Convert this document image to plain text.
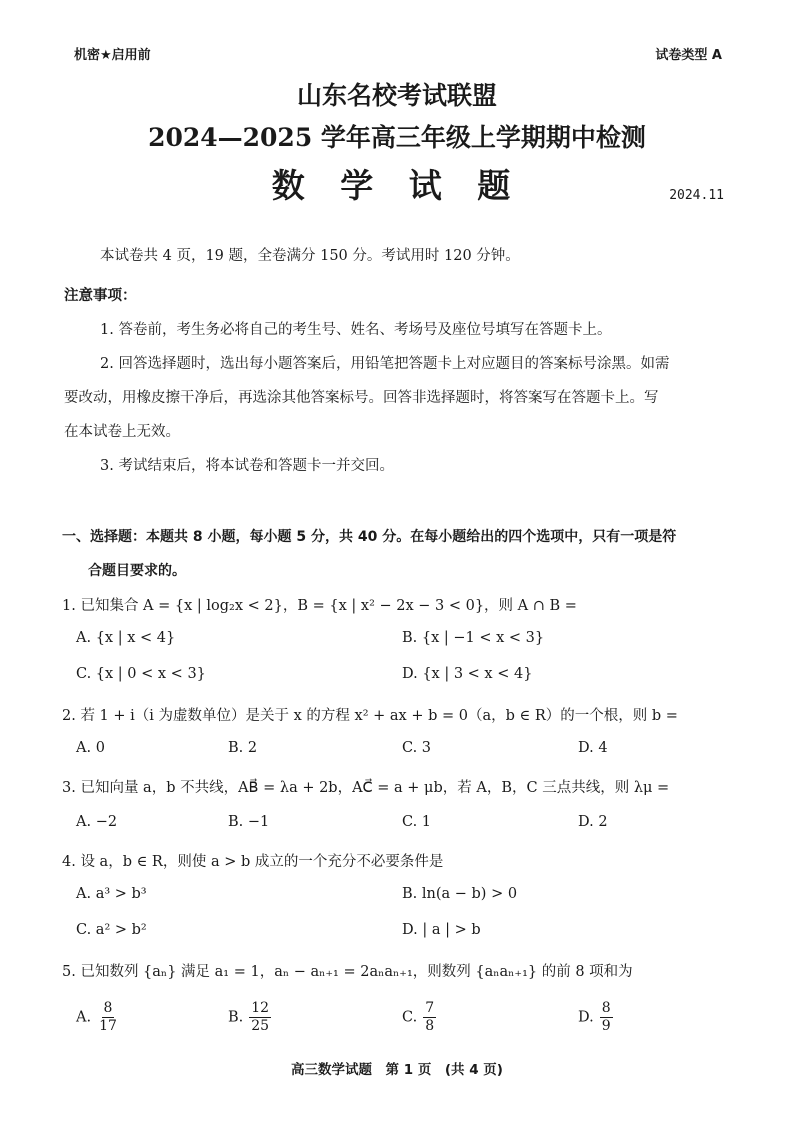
机密★启用前	试卷类型 A
山东名校考试联盟
2024—2025 学年高三年级上学期期中检测
数 学 试 题	2024.11
本试卷共 4 页，19 题，全卷满分 150 分。考试用时 120 分钟。
注意事项：
1. 答卷前，考生务必将自己的考生号、姓名、考场号及座位号填写在答题卡上。
2. 回答选择题时，选出每小题答案后，用铅笔把答题卡上对应题目的答案标号涂黑。如需
要改动，用橡皮擦干净后，再选涂其他答案标号。回答非选择题时，将答案写在答题卡上。写
在本试卷上无效。
3. 考试结束后，将本试卷和答题卡一并交回。
一、选择题：本题共 8 小题，每小题 5 分，共 40 分。在每小题给出的四个选项中，只有一项是符
合题目要求的。
1. 已知集合 A = {x | log₂x < 2}，B = {x | x² − 2x − 3 < 0}，则 A ∩ B =
A. {x | x < 4}	B. {x | −1 < x < 3}
C. {x | 0 < x < 3}	D. {x | 3 < x < 4}
2. 若 1 + i（i 为虚数单位）是关于 x 的方程 x² + ax + b = 0（a，b ∈ R）的一个根，则 b =
A. 0	B. 2	C. 3	D. 4
3. 已知向量 a，b 不共线，AB⃗ = λa + 2b，AC⃗ = a + μb，若 A，B，C 三点共线，则 λμ =
A. −2	B. −1	C. 1	D. 2
4. 设 a，b ∈ R，则使 a > b 成立的一个充分不必要条件是
A. a³ > b³	B. ln(a − b) > 0
C. a² > b²	D. | a | > b
5. 已知数列 {aₙ} 满足 a₁ = 1，aₙ − aₙ₊₁ = 2aₙaₙ₊₁，则数列 {aₙaₙ₊₁} 的前 8 项和为
A. $\frac{8}{17}$	B. $\frac{12}{25}$	C. $\frac{7}{8}$	D. $\frac{8}{9}$
高三数学试题　第 1 页　(共 4 页)
